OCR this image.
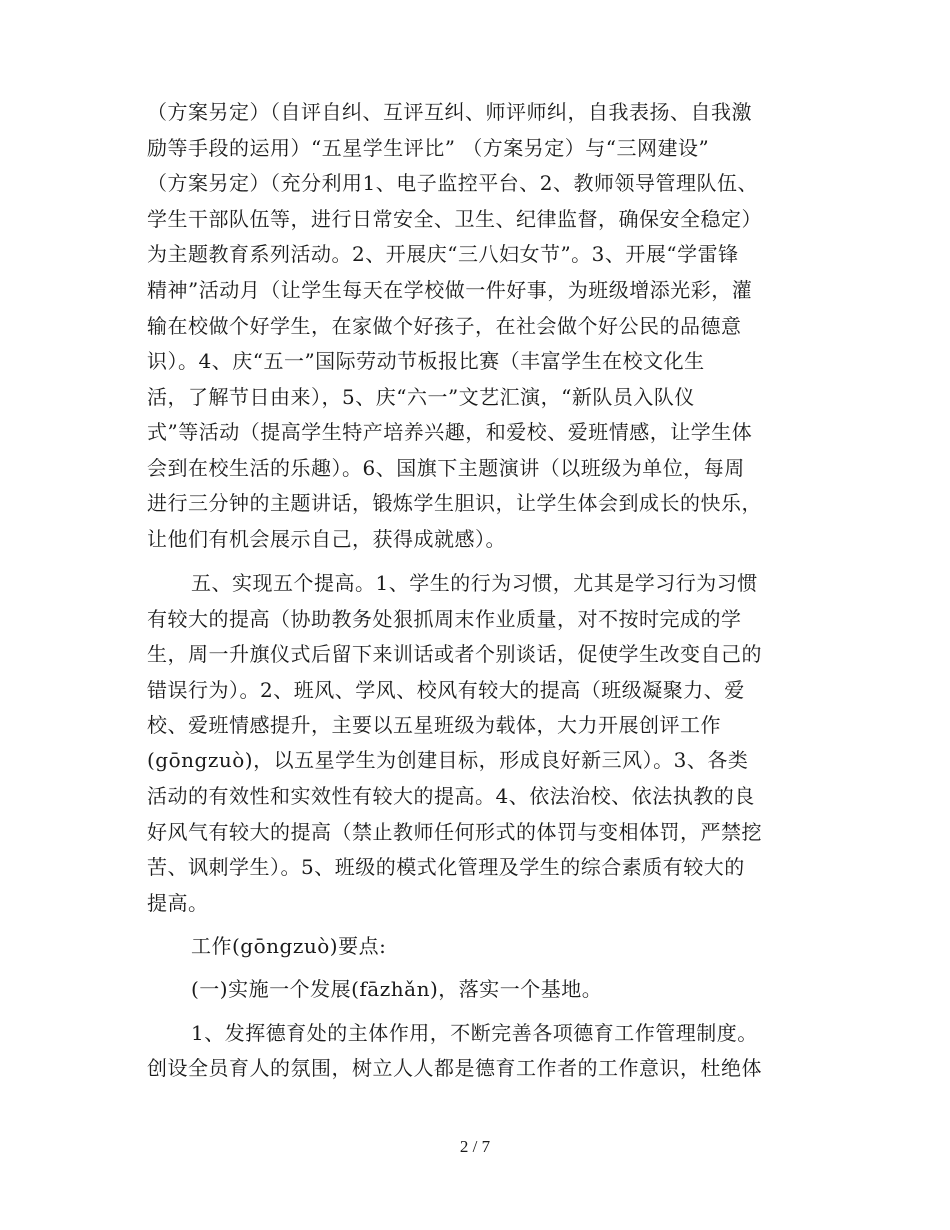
（方案另定）（自评自纠、互评互纠、师评师纠，自我表扬、自我激
励等手段的运用）“五星学生评比” （方案另定）与“三网建设”
（方案另定）（充分利用1、电子监控平台、2、教师领导管理队伍、
学生干部队伍等，进行日常安全、卫生、纪律监督，确保安全稳定）
为主题教育系列活动。2、开展庆“三八妇女节”。3、开展“学雷锋
精神”活动月（让学生每天在学校做一件好事，为班级增添光彩，灌
输在校做个好学生，在家做个好孩子，在社会做个好公民的品德意
识）。4、庆“五一”国际劳动节板报比赛（丰富学生在校文化生
活，了解节日由来），5、庆“六一”文艺汇演，“新队员入队仪
式”等活动（提高学生特产培养兴趣，和爱校、爱班情感，让学生体
会到在校生活的乐趣）。6、国旗下主题演讲（以班级为单位，每周
进行三分钟的主题讲话，锻炼学生胆识，让学生体会到成长的快乐，
让他们有机会展示自己，获得成就感）。
五、实现五个提高。1、学生的行为习惯，尤其是学习行为习惯
有较大的提高（协助教务处狠抓周末作业质量，对不按时完成的学
生，周一升旗仪式后留下来训话或者个别谈话，促使学生改变自己的
错误行为）。2、班风、学风、校风有较大的提高（班级凝聚力、爱
校、爱班情感提升，主要以五星班级为载体，大力开展创评工作
(gōngzuò)，以五星学生为创建目标，形成良好新三风）。3、各类
活动的有效性和实效性有较大的提高。4、依法治校、依法执教的良
好风气有较大的提高（禁止教师任何形式的体罚与变相体罚，严禁挖
苦、讽刺学生）。5、班级的模式化管理及学生的综合素质有较大的
提高。
工作(gōngzuò)要点:
(一)实施一个发展(fāzhǎn)，落实一个基地。
1、发挥德育处的主体作用，不断完善各项德育工作管理制度。
创设全员育人的氛围，树立人人都是德育工作者的工作意识，杜绝体
2 / 7
